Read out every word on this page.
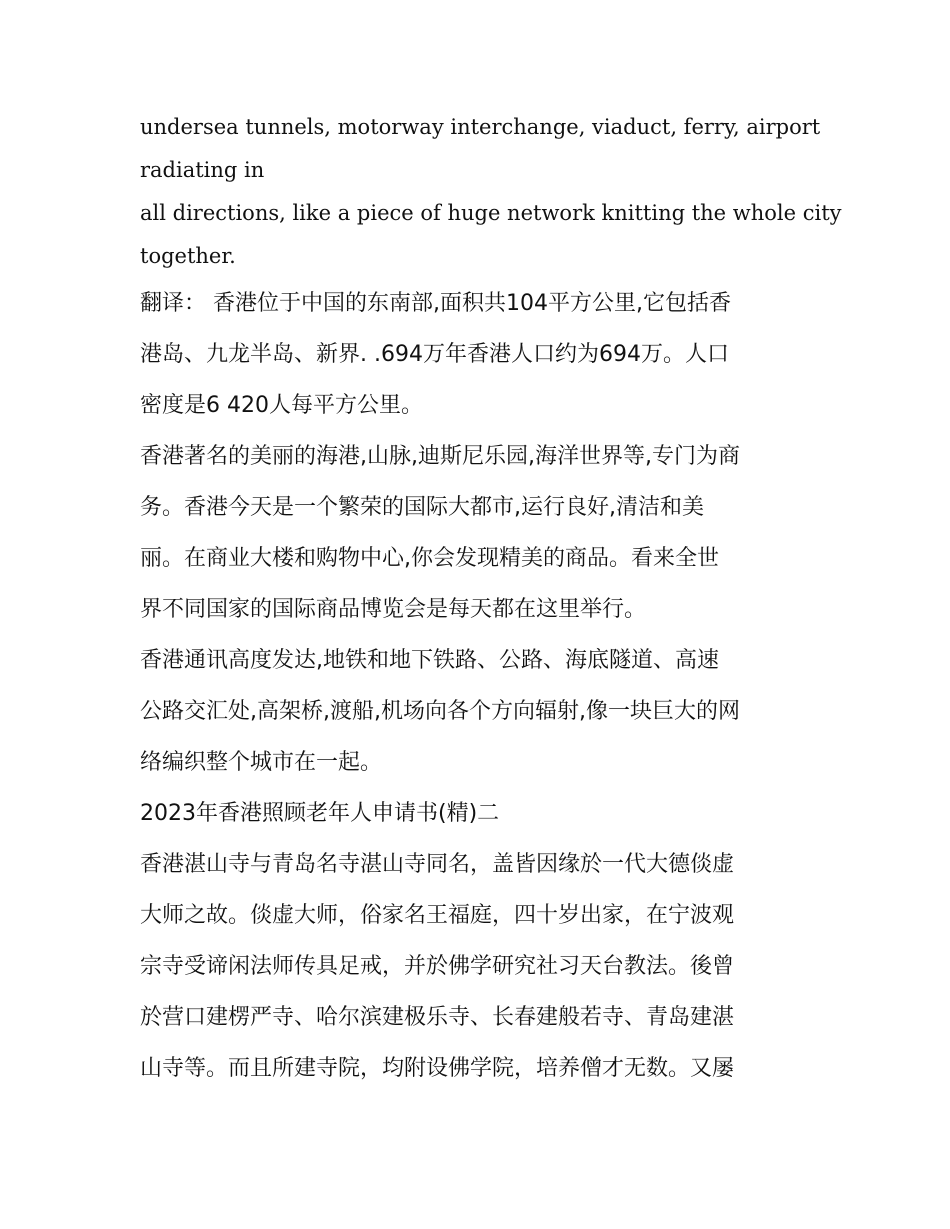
undersea tunnels, motorway interchange, viaduct, ferry, airport

radiating in

all directions, like a piece of huge network knitting the whole city

together.

翻译： 香港位于中国的东南部,面积共104平方公里,它包括香

港岛、九龙半岛、新界. .694万年香港人口约为694万。人口

密度是6 420人每平方公里。

香港著名的美丽的海港,山脉,迪斯尼乐园,海洋世界等,专门为商

务。香港今天是一个繁荣的国际大都市,运行良好,清洁和美

丽。在商业大楼和购物中心,你会发现精美的商品。看来全世

界不同国家的国际商品博览会是每天都在这里举行。

香港通讯高度发达,地铁和地下铁路、公路、海底隧道、高速

公路交汇处,高架桥,渡船,机场向各个方向辐射,像一块巨大的网

络编织整个城市在一起。

2023年香港照顾老年人申请书(精)二

香港湛山寺与青岛名寺湛山寺同名，盖皆因缘於一代大德倓虚

大师之故。倓虚大师，俗家名王福庭，四十岁出家，在宁波观

宗寺受谛闲法师传具足戒，并於佛学研究社习天台教法。後曾

於营口建楞严寺、哈尔滨建极乐寺、长春建般若寺、青岛建湛

山寺等。而且所建寺院，均附设佛学院，培养僧才无数。又屡
